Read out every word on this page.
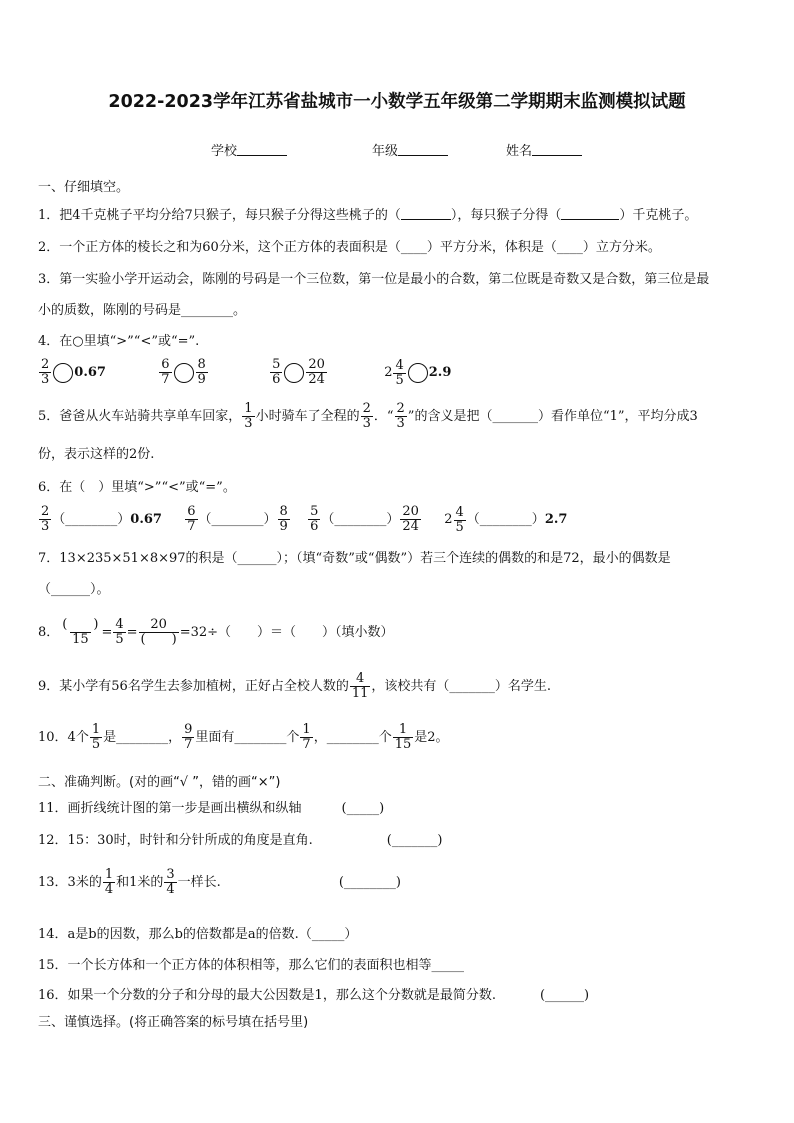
2022-2023学年江苏省盐城市一小数学五年级第二学期期末监测模拟试题
学校	年级	姓名
一、仔细填空。
1．把4千克桃子平均分给7只猴子，每只猴子分得这些桃子的（	），每只猴子分得（	）千克桃子。
2．一个正方体的棱长之和为60分米，这个正方体的表面积是（____）平方分米，体积是（____）立方分米。
3．第一实验小学开运动会，陈刚的号码是一个三位数，第一位是最小的合数，第二位既是奇数又是合数，第三位是最
小的质数，陈刚的号码是________。
4．在○里填“>”“<”或“=”.
$\frac{2}{3} 0.67$	$\frac{6}{7} \frac{8}{9}$
	$\frac{5}{6} \frac{20}{24}$
	$2 \frac{4}{5} 2.9$
5．爸爸从火车站骑共享单车回家， $\frac{1}{3}$ 小时骑车了全程的 $\frac{2}{3}$ ．“ $\frac{2}{3}$ ”的含义是把（_______）看作单位“1”，平均分成3
份，表示这样的2份.
6．在（　）里填“>”“<”或“=”。
$\frac{2}{3}$ （________）0.67 $\frac{6}{7}$ （________） $\frac{8}{9}$
$\frac{5}{6}$ （________） $\frac{20}{24}$
$2 \frac{4}{5}$ （________）2.7
7．13×235×51×8×97的积是（______）；（填“奇数”或“偶数”）若三个连续的偶数的和是72，最小的偶数是
（______）。
8． $\frac{( )}{15} = \frac{4}{5} = \frac{20}{( )} =32\div$（　　）＝（　　）（填小数）
9．某小学有56名学生去参加植树，正好占全校人数的 $\frac{4}{11}$ ，该校共有（_______）名学生.
10．4个 $\frac{1}{5}$ 是________， $\frac{9}{7}$ 里面有________个 $\frac{1}{7}$ ，________个 $\frac{1}{15}$ 是2。
二、准确判断。(对的画“√ ”，错的画“×”)
11．画折线统计图的第一步是画出横纵和纵轴	(_____)
12．15：30时，时针和分针所成的角度是直角.	(_______)
13．3米的 $\frac{1}{4}$ 和1米的 $\frac{3}{4}$ 一样长.	(________)
14．a是b的因数，那么b的倍数都是a的倍数.（_____）
15．一个长方体和一个正方体的体积相等，那么它们的表面积也相等_____
16．如果一个分数的分子和分母的最大公因数是1，那么这个分数就是最简分数.	(______)
三、谨慎选择。(将正确答案的标号填在括号里)
